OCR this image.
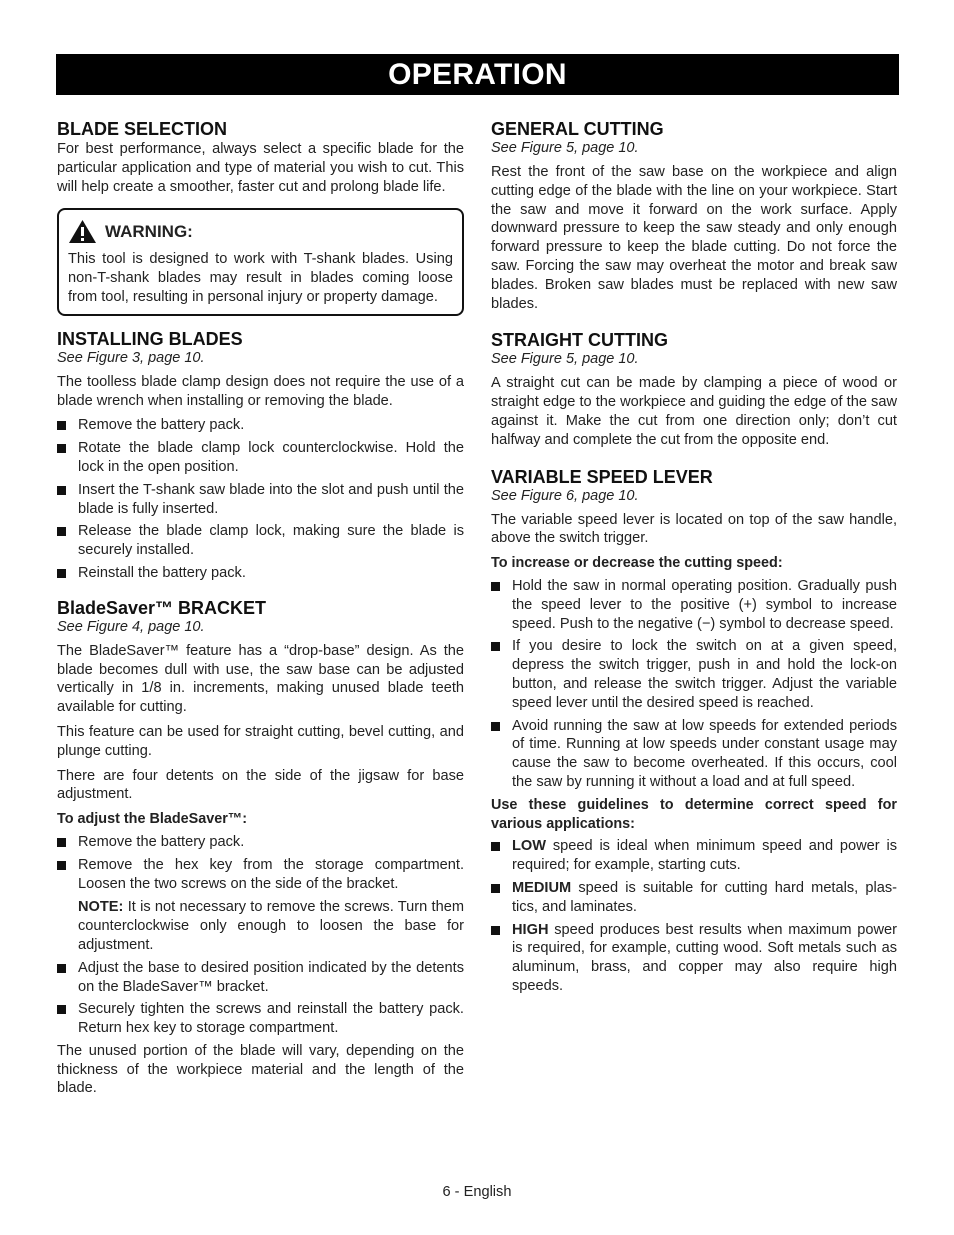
OPERATION
BLADE SELECTION

For best performance, always select a specific blade for the particular application and type of material you wish to cut. This will help create a smoother, faster cut and prolong blade life.

WARNING:

This tool is designed to work with T-shank blades. Using non-T-shank blades may result in blades coming loose from tool, resulting in personal injury or property damage.

INSTALLING BLADES
See Figure 3, page 10.

The toolless blade clamp design does not require the use of a blade wrench when installing or removing the blade.

Remove the battery pack.
Rotate the blade clamp lock counterclockwise. Hold the lock in the open position.
Insert the T-shank saw blade into the slot and push until the blade is fully inserted.
Release the blade clamp lock, making sure the blade is securely installed.
Reinstall the battery pack.
BladeSaver™ BRACKET
See Figure 4, page 10.

The BladeSaver™ feature has a “drop-base” design. As the blade becomes dull with use, the saw base can be adjusted vertically in 1/8 in. increments, making unused blade teeth available for cutting.

This feature can be used for straight cutting, bevel cutting, and plunge cutting.

There are four detents on the side of the jigsaw for base adjustment.

To adjust the BladeSaver™:

Remove the battery pack.
Remove the hex key from the storage compartment. Loosen the two screws on the side of the bracket.
NOTE: It is not necessary to remove the screws. Turn them counterclockwise only enough to loosen the base for adjustment.
Adjust the base to desired position indicated by the detents on the BladeSaver™ bracket.
Securely tighten the screws and reinstall the battery pack. Return hex key to storage compartment.

The unused portion of the blade will vary, depending on the thickness of the workpiece material and the length of the blade.

GENERAL CUTTING
See Figure 5, page 10.

Rest the front of the saw base on the workpiece and align cutting edge of the blade with the line on your workpiece. Start the saw and move it forward on the work surface. Apply downward pressure to keep the saw steady and only enough forward pressure to keep the blade cutting. Do not force the saw. Forcing the saw may overheat the motor and break saw blades. Broken saw blades must be replaced with new saw blades.

STRAIGHT CUTTING
See Figure 5, page 10.

A straight cut can be made by clamping a piece of wood or straight edge to the workpiece and guiding the edge of the saw against it. Make the cut from one direction only; don’t cut halfway and complete the cut from the opposite end.

VARIABLE SPEED LEVER
See Figure 6, page 10.

The variable speed lever is located on top of the saw handle, above the switch trigger.

To increase or decrease the cutting speed:

Hold the saw in normal operating position. Gradually push the speed lever to the positive (+) symbol to increase speed. Push to the negative (−) symbol to decrease speed.
If you desire to lock the switch on at a given speed, depress the switch trigger, push in and hold the lock-on button, and release the switch trigger. Adjust the variable speed lever until the desired speed is reached.
Avoid running the saw at low speeds for extended periods of time. Running at low speeds under constant usage may cause the saw to become overheated. If this occurs, cool the saw by running it without a load and at full speed.

Use these guidelines to determine correct speed for various applications:

LOW speed is ideal when minimum speed and power is required; for example, starting cuts.
MEDIUM speed is suitable for cutting hard metals, plas-tics, and laminates.
HIGH speed produces best results when maximum power is required, for example, cutting wood. Soft metals such as aluminum, brass, and copper may also require high speeds.
6 - English
